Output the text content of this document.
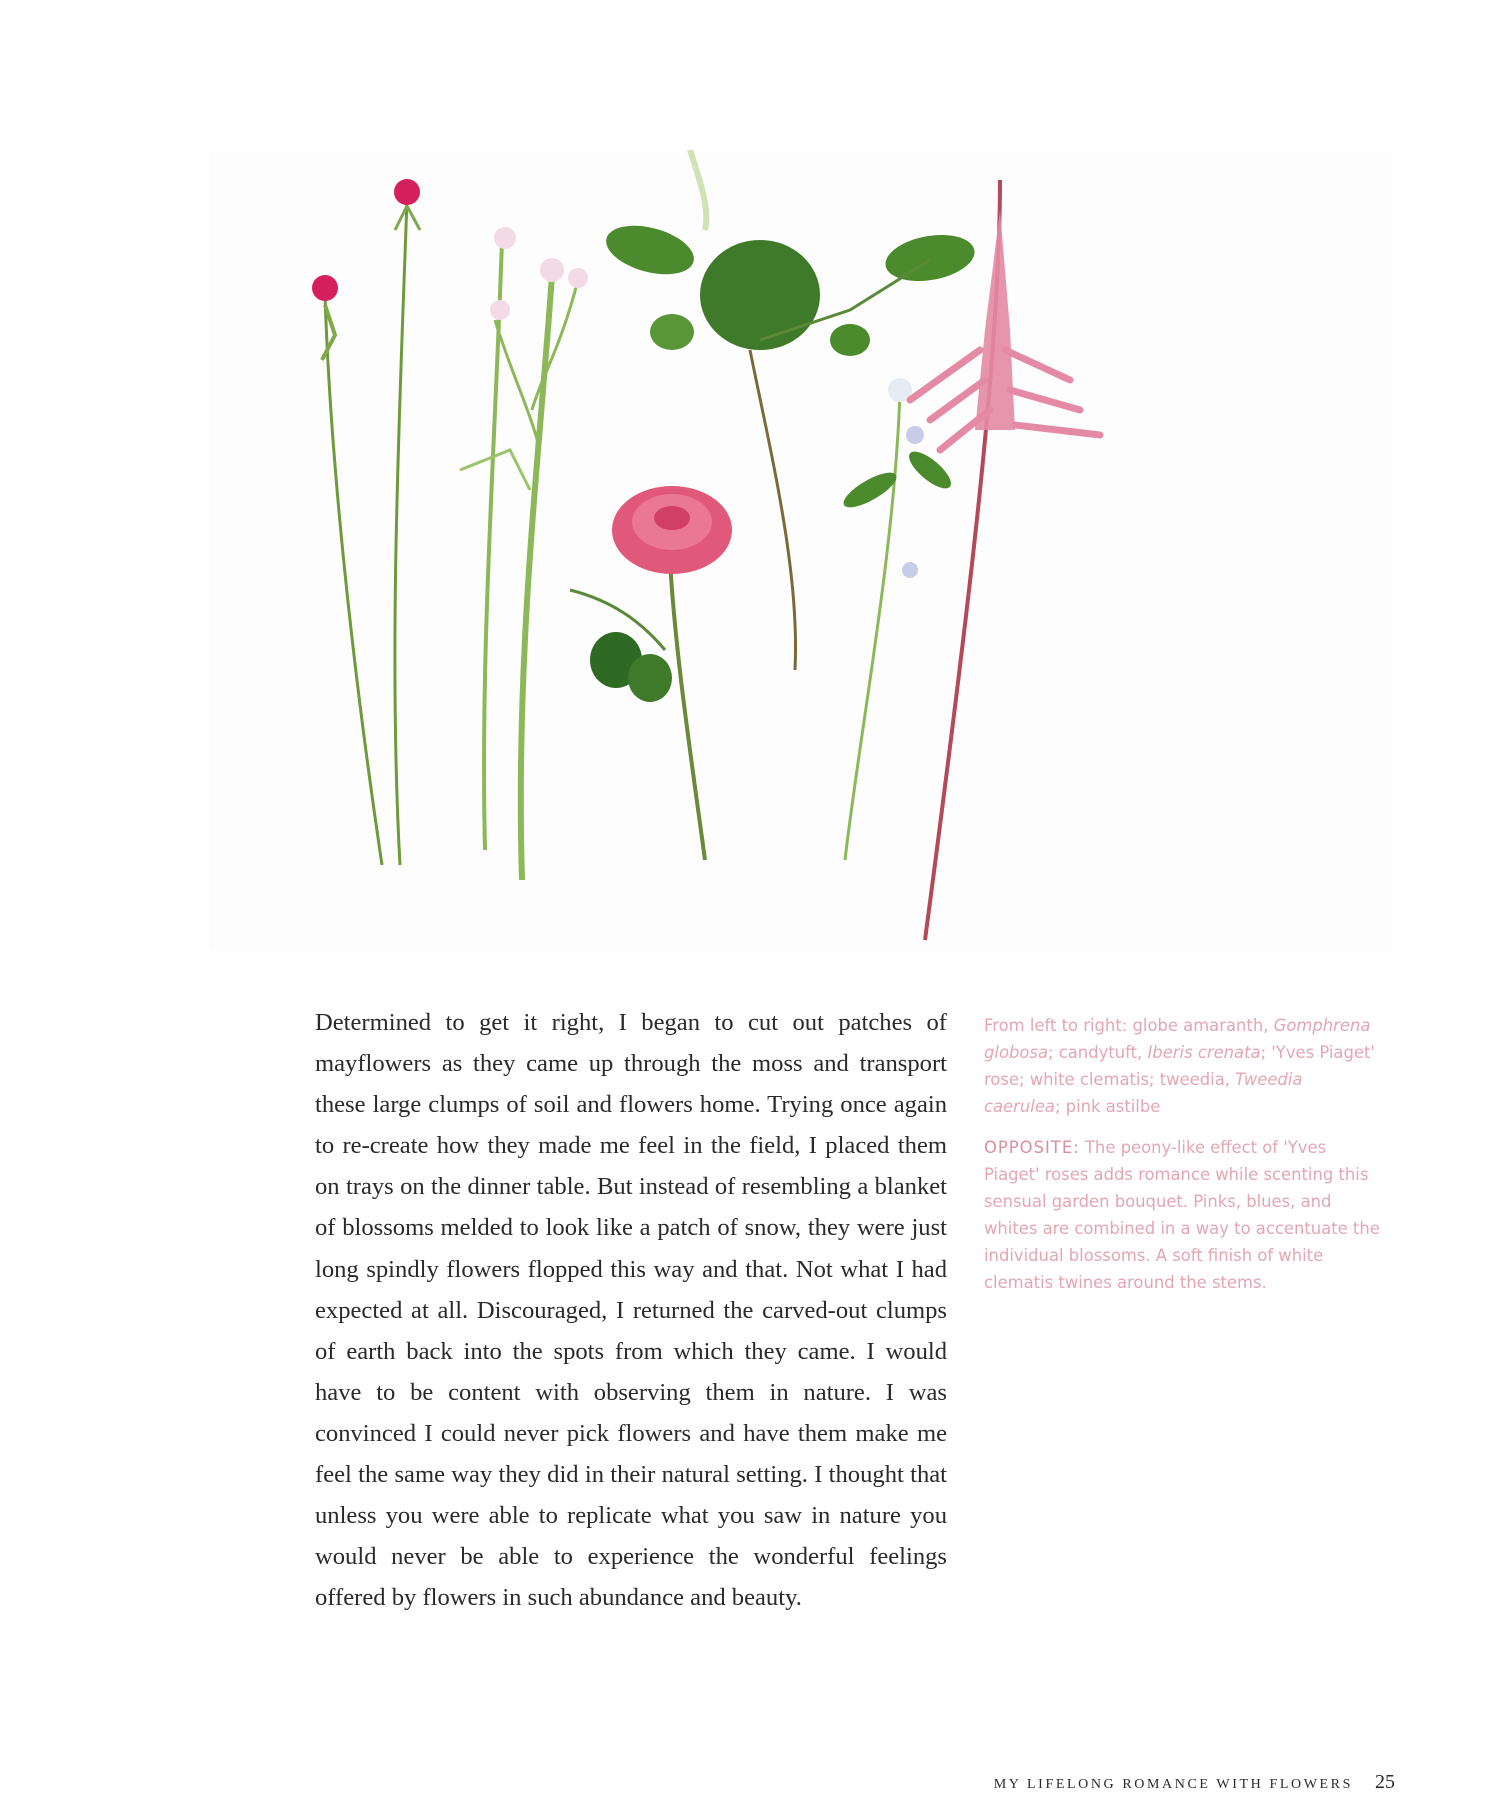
Determined to get it right, I began to cut out patches of mayflowers as they came up through the moss and transport these large clumps of soil and flowers home. Trying once again to re-create how they made me feel in the field, I placed them on trays on the dinner table. But instead of resembling a blanket of blossoms melded to look like a patch of snow, they were just long spindly flowers flopped this way and that. Not what I had expected at all. Discouraged, I returned the carved-out clumps of earth back into the spots from which they came. I would have to be content with observing them in nature. I was convinced I could never pick flowers and have them make me feel the same way they did in their natural setting. I thought that unless you were able to replicate what you saw in nature you would never be able to experience the wonderful feelings offered by flowers in such abundance and beauty.

From left to right: globe amaranth, Gomphrena globosa; candytuft, Iberis crenata; 'Yves Piaget' rose; white clematis; tweedia, Tweedia caerulea; pink astilbe

OPPOSITE: The peony-like effect of 'Yves Piaget' roses adds romance while scenting this sensual garden bouquet. Pinks, blues, and whites are combined in a way to accentuate the individual blossoms. A soft finish of white clematis twines around the stems.

MY LIFELONG ROMANCE WITH FLOWERS 25
